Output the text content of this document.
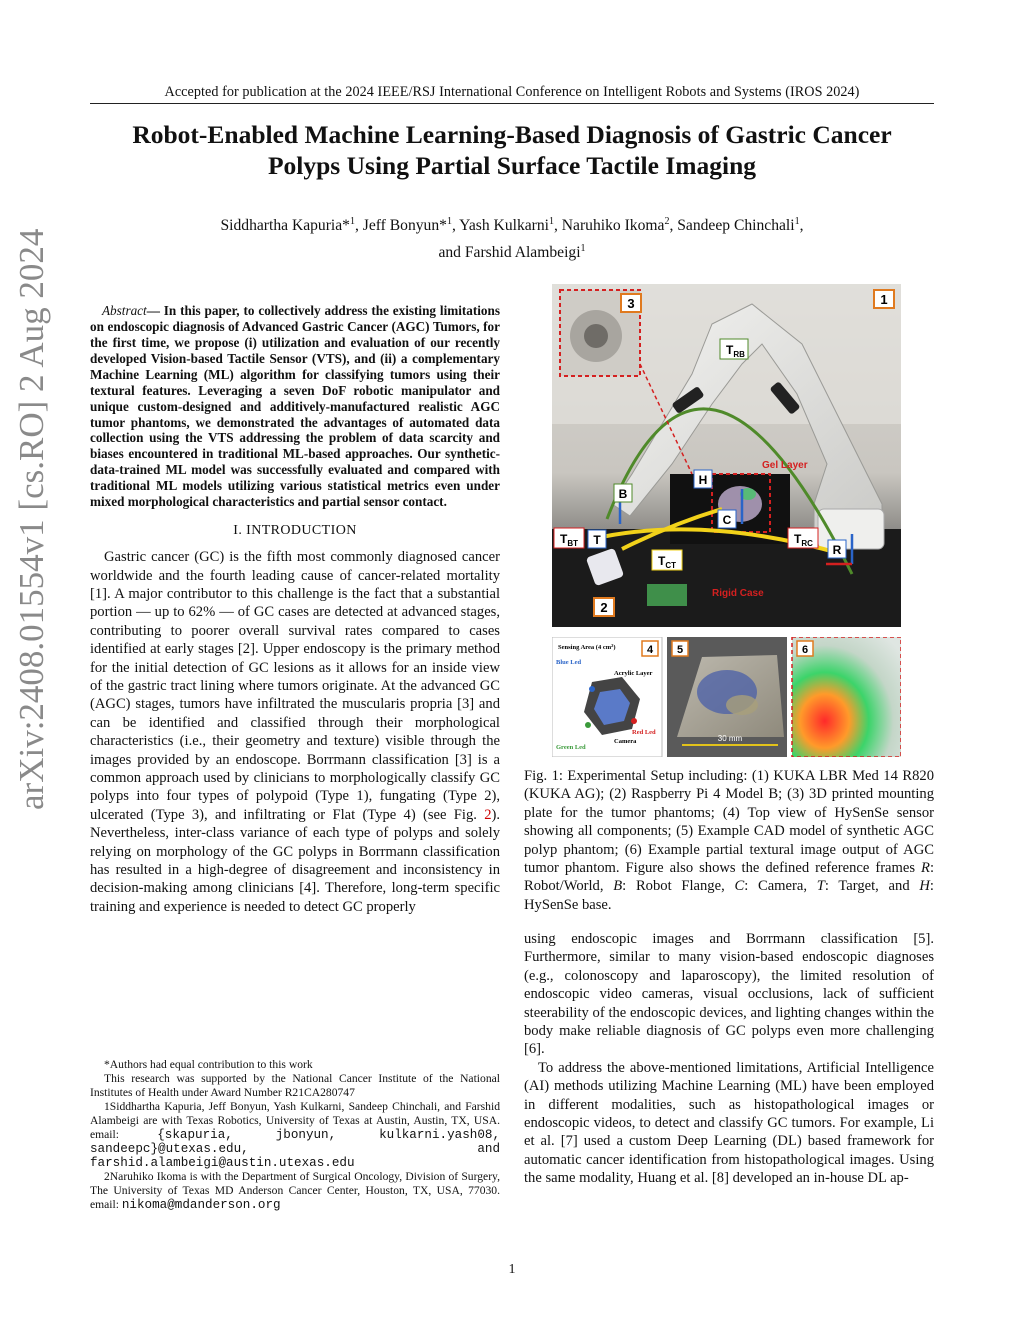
Accepted for publication at the 2024 IEEE/RSJ International Conference on Intelligent Robots and Systems (IROS 2024)
Robot-Enabled Machine Learning-Based Diagnosis of Gastric Cancer
Polyps Using Partial Surface Tactile Imaging
Siddhartha Kapuria*$^1$, Jeff Bonyun*$^1$, Yash Kulkarni$^1$, Naruhiko Ikoma$^2$, Sandeep Chinchali$^1$,
and Farshid Alambeigi$^1$
arXiv:2408.01554v1 [cs.RO] 2 Aug 2024	Abstract— In this paper, to collectively address the existing limitations on endoscopic diagnosis of Advanced Gastric Cancer (AGC) Tumors, for the first time, we propose (i) utilization and evaluation of our recently developed Vision-based Tactile Sensor (VTS), and (ii) a complementary Machine Learning (ML) algorithm for classifying tumors using their textural features. Leveraging a seven DoF robotic manipulator and unique custom-designed and additively-manufactured realistic AGC tumor phantoms, we demonstrated the advantages of automated data collection using the VTS addressing the problem of data scarcity and biases encountered in traditional ML-based approaches. Our synthetic-data-trained ML model was successfully evaluated and compared with traditional ML models utilizing various statistical metrics even under mixed morphological characteristics and partial sensor contact.

I. INTRODUCTION

Gastric cancer (GC) is the fifth most commonly diagnosed cancer worldwide and the fourth leading cause of cancer-related mortality [1]. A major contributor to this challenge is the fact that a substantial portion — up to 62% — of GC cases are detected at advanced stages, contributing to poorer overall survival rates compared to cases identified at early stages [2]. Upper endoscopy is the primary method for the initial detection of GC lesions as it allows for an inside view of the gastric tract lining where tumors originate. At the advanced GC (AGC) stages, tumors have infiltrated the muscularis propria [3] and can be identified and classified through their morphological characteristics (i.e., their geometry and texture) visible through the images provided by an endoscope. Borrmann classification [3] is a common approach used by clinicians to morphologically classify GC polyps into four types of polypoid (Type 1), fungating (Type 2), ulcerated (Type 3), and infiltrating or Flat (Type 4) (see Fig. 2). Nevertheless, inter-class variance of each type of polyps and solely relying on morphology of the GC polyps in Borrmann classification has resulted in a high-degree of disagreement and inconsistency in decision-making among clinicians [4]. Therefore, long-term specific training and experience is needed to detect GC properly

*Authors had equal contribution to this work

This research was supported by the National Cancer Institute of the National Institutes of Health under Award Number R21CA280747

1Siddhartha Kapuria, Jeff Bonyun, Yash Kulkarni, Sandeep Chinchali, and Farshid Alambeigi are with Texas Robotics, University of Texas at Austin, Austin, TX, USA. email: {skapuria, jbonyun, kulkarni.yash08, sandeepc}@utexas.edu, and farshid.alambeigi@austin.utexas.edu

2Naruhiko Ikoma is with the Department of Surgical Oncology, Division of Surgery, The University of Texas MD Anderson Cancer Center, Houston, TX, USA, 77030. email: nikoma@mdanderson.org

1
3
2
$T_{RB}$
$T_{BT}$
$T_{CT}$
$T_{RC}$
B
H
C
T
R
Gel Layer
Rigid Case
Sensing Area (4 $cm^2$)
Blue Led
Acrylic Layer
Red Led
Green Led
Camera
4
30 mm
5	6
Fig. 1: Experimental Setup including: (1) KUKA LBR Med 14 R820 (KUKA AG); (2) Raspberry Pi 4 Model B; (3) 3D printed mounting plate for the tumor phantoms; (4) Top view of HySenSe sensor showing all components; (5) Example CAD model of synthetic AGC polyp phantom; (6) Example partial textural image output of AGC tumor phantom. Figure also shows the defined reference frames R: Robot/World, B: Robot Flange, C: Camera, T: Target, and H: HySenSe base.

using endoscopic images and Borrmann classification [5]. Furthermore, similar to many vision-based endoscopic diagnoses (e.g., colonoscopy and laparoscopy), the limited resolution of endoscopic video cameras, visual occlusions, lack of sufficient steerability of the endoscopic devices, and lighting changes within the body make reliable diagnosis of GC polyps even more challenging [6].

To address the above-mentioned limitations, Artificial Intelligence (AI) methods utilizing Machine Learning (ML) have been employed in different modalities, such as histopathological images or endoscopic videos, to detect and classify GC tumors. For example, Li et al. [7] used a custom Deep Learning (DL) based framework for automatic cancer identification from histopathological images. Using the same modality, Huang et al. [8] developed an in-house DL ap-

1
